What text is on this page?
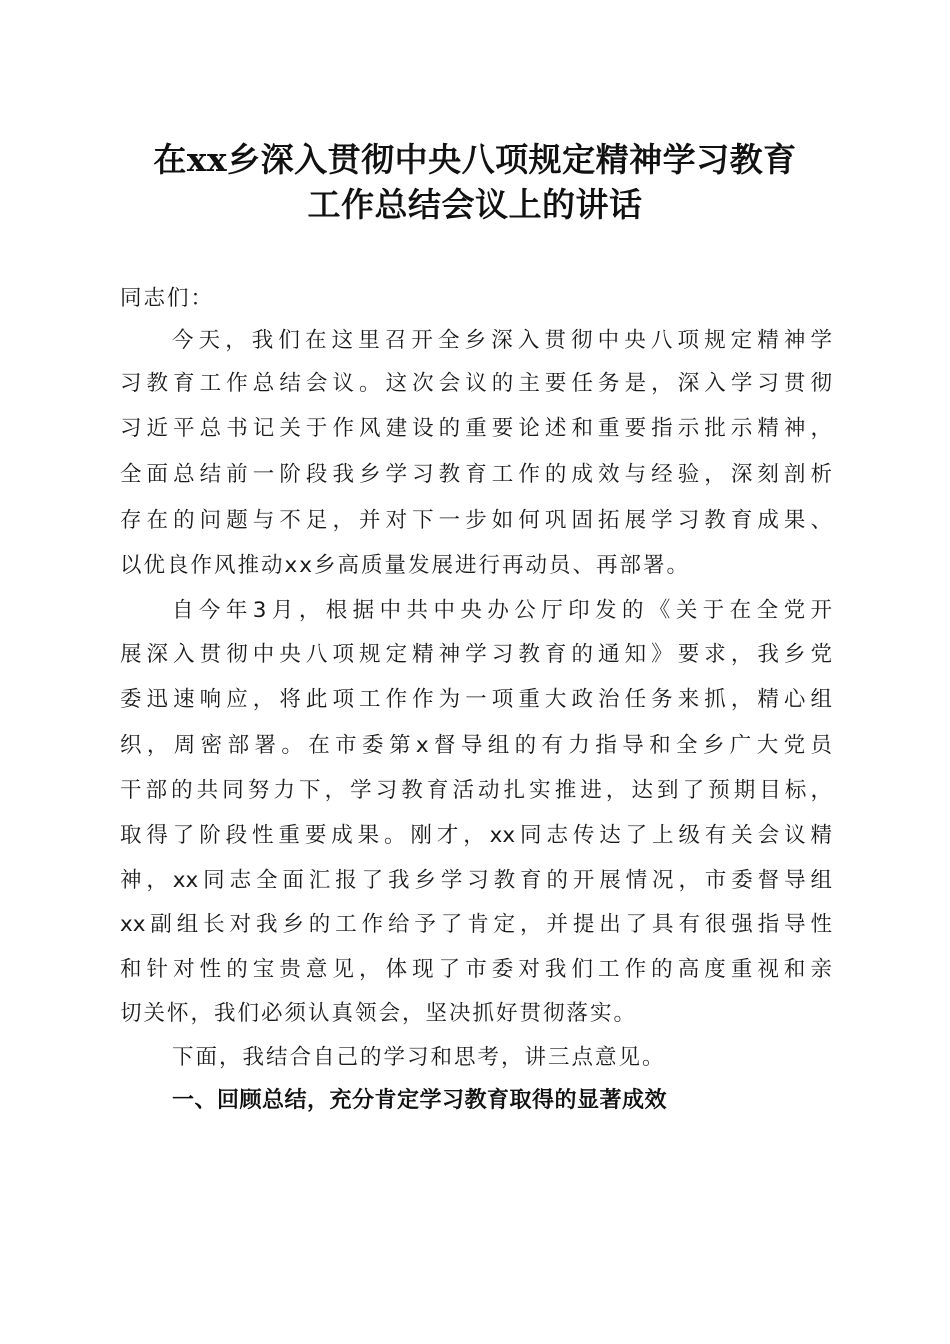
在xx乡深入贯彻中央八项规定精神学习教育
工作总结会议上的讲话
同志们：
今天，我们在这里召开全乡深入贯彻中央八项规定精神学
习教育工作总结会议。这次会议的主要任务是，深入学习贯彻
习近平总书记关于作风建设的重要论述和重要指示批示精神，
全面总结前一阶段我乡学习教育工作的成效与经验，深刻剖析
存在的问题与不足，并对下一步如何巩固拓展学习教育成果、
以优良作风推动xx乡高质量发展进行再动员、再部署。
自今年3月，根据中共中央办公厅印发的《关于在全党开
展深入贯彻中央八项规定精神学习教育的通知》要求，我乡党
委迅速响应，将此项工作作为一项重大政治任务来抓，精心组
织，周密部署。在市委第x督导组的有力指导和全乡广大党员
干部的共同努力下，学习教育活动扎实推进，达到了预期目标，
取得了阶段性重要成果。刚才，xx同志传达了上级有关会议精
神，xx同志全面汇报了我乡学习教育的开展情况，市委督导组
xx副组长对我乡的工作给予了肯定，并提出了具有很强指导性
和针对性的宝贵意见，体现了市委对我们工作的高度重视和亲
切关怀，我们必须认真领会，坚决抓好贯彻落实。
下面，我结合自己的学习和思考，讲三点意见。
一、回顾总结，充分肯定学习教育取得的显著成效
